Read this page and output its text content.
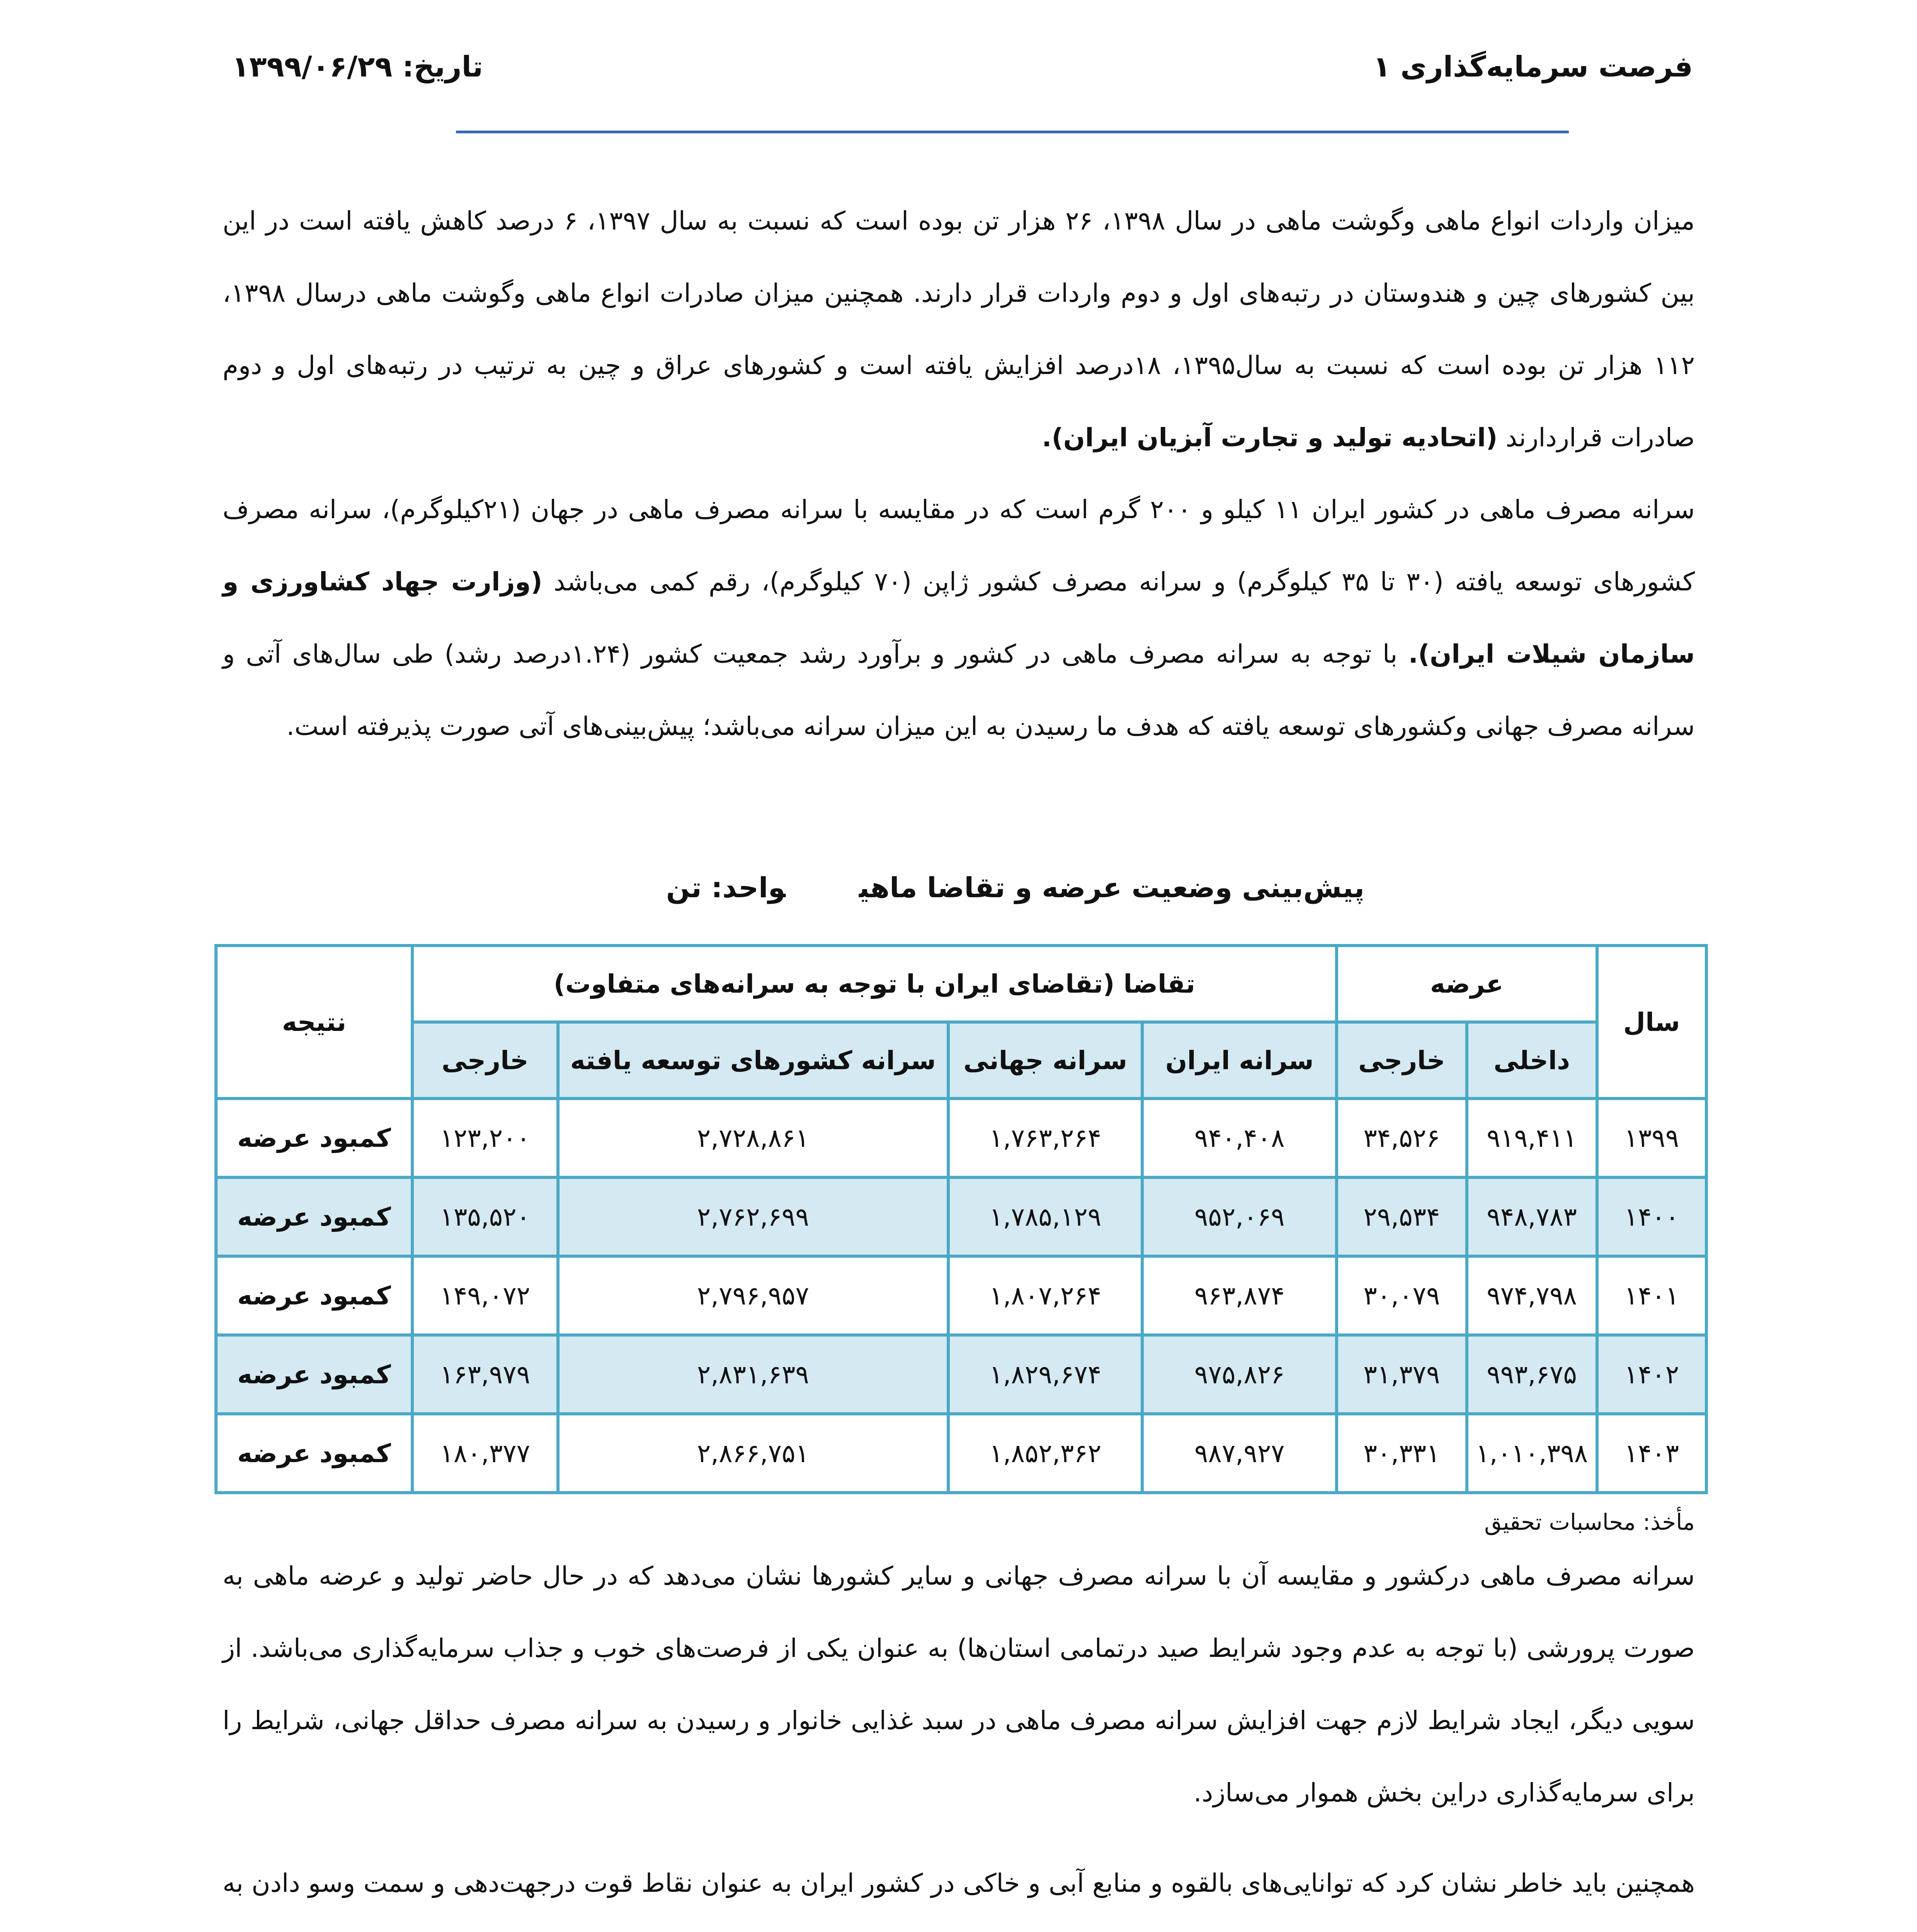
فرصت سرمایه‌گذاری ۱
تاریخ: ۱۳۹۹/۰۶/۲۹
میزان واردات انواع ماهی وگوشت ماهی در سال ۱۳۹۸، ۲۶ هزار تن بوده است که نسبت به سال ۱۳۹۷، ۶ درصد کاهش یافته است در این بین کشورهای چین و هندوستان در رتبه‌های اول و دوم واردات قرار دارند. همچنین میزان صادرات انواع ماهی وگوشت ماهی درسال ۱۳۹۸، ۱۱۲ هزار تن بوده است که نسبت به سال۱۳۹۵، ۱۸درصد افزایش یافته است و کشورهای عراق و چین به ترتیب در رتبه‌های اول و دوم صادرات قراردارند (اتحادیه تولید و تجارت آبزیان ایران).
سرانه مصرف ماهی در کشور ایران ۱۱ کیلو و ۲۰۰ گرم است که در مقایسه با سرانه مصرف ماهی در جهان (۲۱کیلوگرم)، سرانه مصرف کشورهای توسعه یافته (۳۰ تا ۳۵ کیلوگرم) و سرانه مصرف کشور ژاپن (۷۰ کیلوگرم)، رقم کمی می‌باشد (وزارت جهاد کشاورزی و سازمان شیلات ایران). با توجه به سرانه مصرف ماهی در کشور و برآورد رشد جمعیت کشور (۱.۲۴درصد رشد) طی سال‌های آتی و سرانه مصرف جهانی وکشورهای توسعه یافته که هدف ما رسیدن به این میزان سرانه می‌باشد؛ پیش‌بینی‌های آتی صورت پذیرفته است.
پیش‌بینی وضعیت عرضه و تقاضا ماهیواحد: تن
سال	عرضه		تقاضا (تقاضای ایران با توجه به سرانه‌های متفاوت)				نتیجه
	داخلی	خارجی	سرانه ایران	سرانه جهانی	سرانه کشورهای توسعه یافته	خارجی	
۱۳۹۹	۹۱۹,۴۱۱	۳۴,۵۲۶	۹۴۰,۴۰۸	۱,۷۶۳,۲۶۴	۲,۷۲۸,۸۶۱	۱۲۳,۲۰۰	کمبود عرضه
۱۴۰۰	۹۴۸,۷۸۳	۲۹,۵۳۴	۹۵۲,۰۶۹	۱,۷۸۵,۱۲۹	۲,۷۶۲,۶۹۹	۱۳۵,۵۲۰	کمبود عرضه
۱۴۰۱	۹۷۴,۷۹۸	۳۰,۰۷۹	۹۶۳,۸۷۴	۱,۸۰۷,۲۶۴	۲,۷۹۶,۹۵۷	۱۴۹,۰۷۲	کمبود عرضه
۱۴۰۲	۹۹۳,۶۷۵	۳۱,۳۷۹	۹۷۵,۸۲۶	۱,۸۲۹,۶۷۴	۲,۸۳۱,۶۳۹	۱۶۳,۹۷۹	کمبود عرضه
۱۴۰۳	۱,۰۱۰,۳۹۸	۳۰,۳۳۱	۹۸۷,۹۲۷	۱,۸۵۲,۳۶۲	۲,۸۶۶,۷۵۱	۱۸۰,۳۷۷	کمبود عرضه
مأخذ: محاسبات تحقیق
سرانه مصرف ماهی درکشور و مقایسه آن با سرانه مصرف جهانی و سایر کشورها نشان می‌دهد که در حال حاضر تولید و عرضه ماهی به صورت پرورشی (با توجه به عدم وجود شرایط صید درتمامی استان‌ها) به عنوان یکی از فرصت‌های خوب و جذاب سرمایه‌گذاری می‌باشد. از سویی دیگر، ایجاد شرایط لازم جهت افزایش سرانه مصرف ماهی در سبد غذایی خانوار و رسیدن به سرانه مصرف حداقل جهانی، شرایط را برای سرمایه‌گذاری دراین بخش هموار می‌سازد.
همچنین باید خاطر نشان کرد که توانایی‌های بالقوه و منابع آبی و خاکی در کشور ایران به عنوان نقاط قوت درجهت‌دهی و سمت وسو دادن به
